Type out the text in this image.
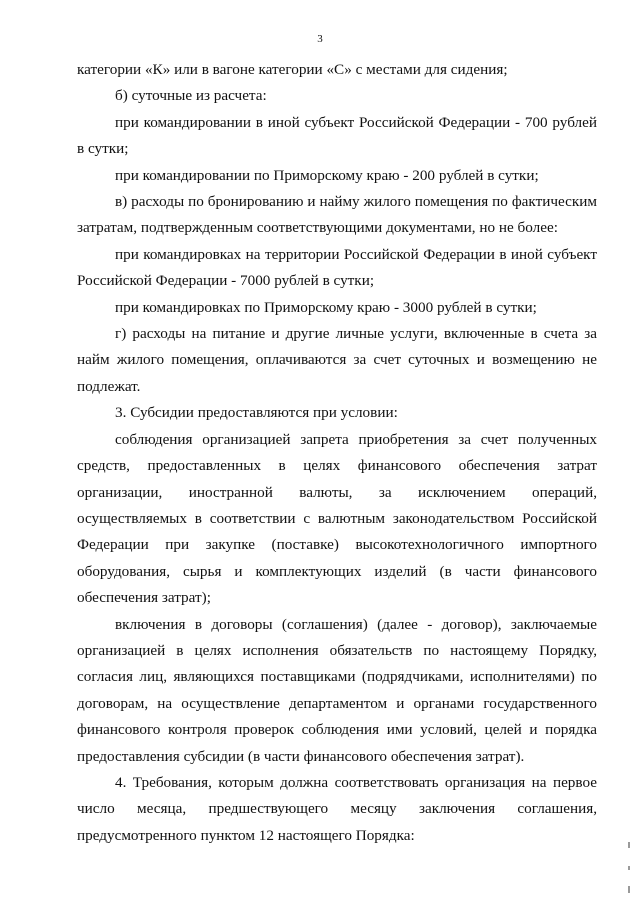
3

категории «К» или в вагоне категории «С» с местами для сидения;

б) суточные из расчета:

при командировании в иной субъект Российской Федерации - 700 рублей в сутки;

при командировании по Приморскому краю - 200 рублей в сутки;

в) расходы по бронированию и найму жилого помещения по фактическим затратам, подтвержденным соответствующими документами, но не более:

при командировках на территории Российской Федерации в иной субъект Российской Федерации - 7000 рублей в сутки;

при командировках по Приморскому краю - 3000 рублей в сутки;

г) расходы на питание и другие личные услуги, включенные в счета за найм жилого помещения, оплачиваются за счет суточных и возмещению не подлежат.

3. Субсидии предоставляются при условии:

соблюдения организацией запрета приобретения за счет полученных средств, предоставленных в целях финансового обеспечения затрат организации, иностранной валюты, за исключением операций, осуществляемых в соответствии с валютным законодательством Российской Федерации при закупке (поставке) высокотехнологичного импортного оборудования, сырья и комплектующих изделий (в части финансового обеспечения затрат);

включения в договоры (соглашения) (далее - договор), заключаемые организацией в целях исполнения обязательств по настоящему Порядку, согласия лиц, являющихся поставщиками (подрядчиками, исполнителями) по договорам, на осуществление департаментом и органами государственного финансового контроля проверок соблюдения ими условий, целей и порядка предоставления субсидии (в части финансового обеспечения затрат).

4. Требования, которым должна соответствовать организация на первое число месяца, предшествующего месяцу заключения соглашения, предусмотренного пунктом 12 настоящего Порядка:
